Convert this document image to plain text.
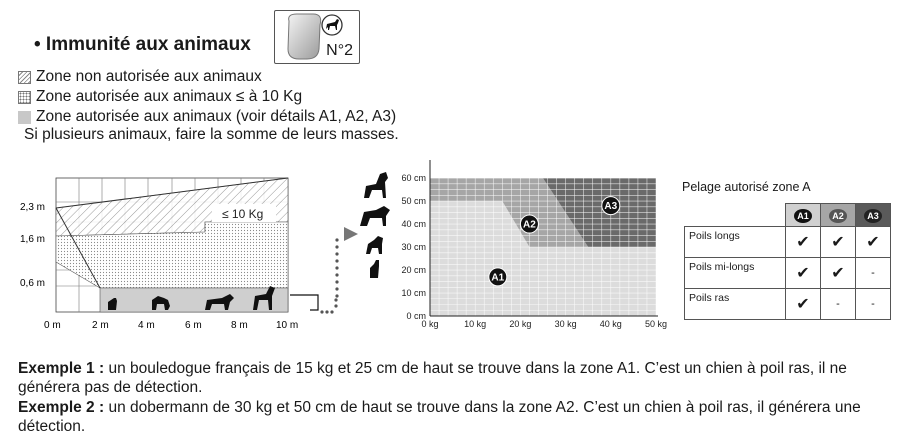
• Immunité aux animaux	N°2
Zone non autorisée aux animaux
Zone autorisée aux animaux ≤ à 10 Kg
Zone autorisée aux animaux (voir détails A1, A2, A3)
Si plusieurs animaux, faire la somme de leurs masses.
≤ 10 Kg
2,3 m
1,6 m
0,6 m
0 m	2 m	4 m	6 m	8 m	10 m	0 kg	10 kg	20 kg	30 kg	40 kg	50 kg
0 cm
10 cm
20 cm
30 cm
40 cm
50 cm
60 cm
A1
A2
A3
Pelage autorisé zone A
	A1	A2	A3
Poils longs	✔	✔	✔
Poils mi-longs	✔	✔	-
Poils ras	✔	-	-
Exemple 1 : un bouledogue français de 15 kg et 25 cm de haut se trouve dans la zone A1. C’est un chien à poil ras, il ne générera pas de détection.
Exemple 2 : un dobermann de 30 kg et 50 cm de haut se trouve dans la zone A2. C’est un chien à poil ras, il générera une détection.
